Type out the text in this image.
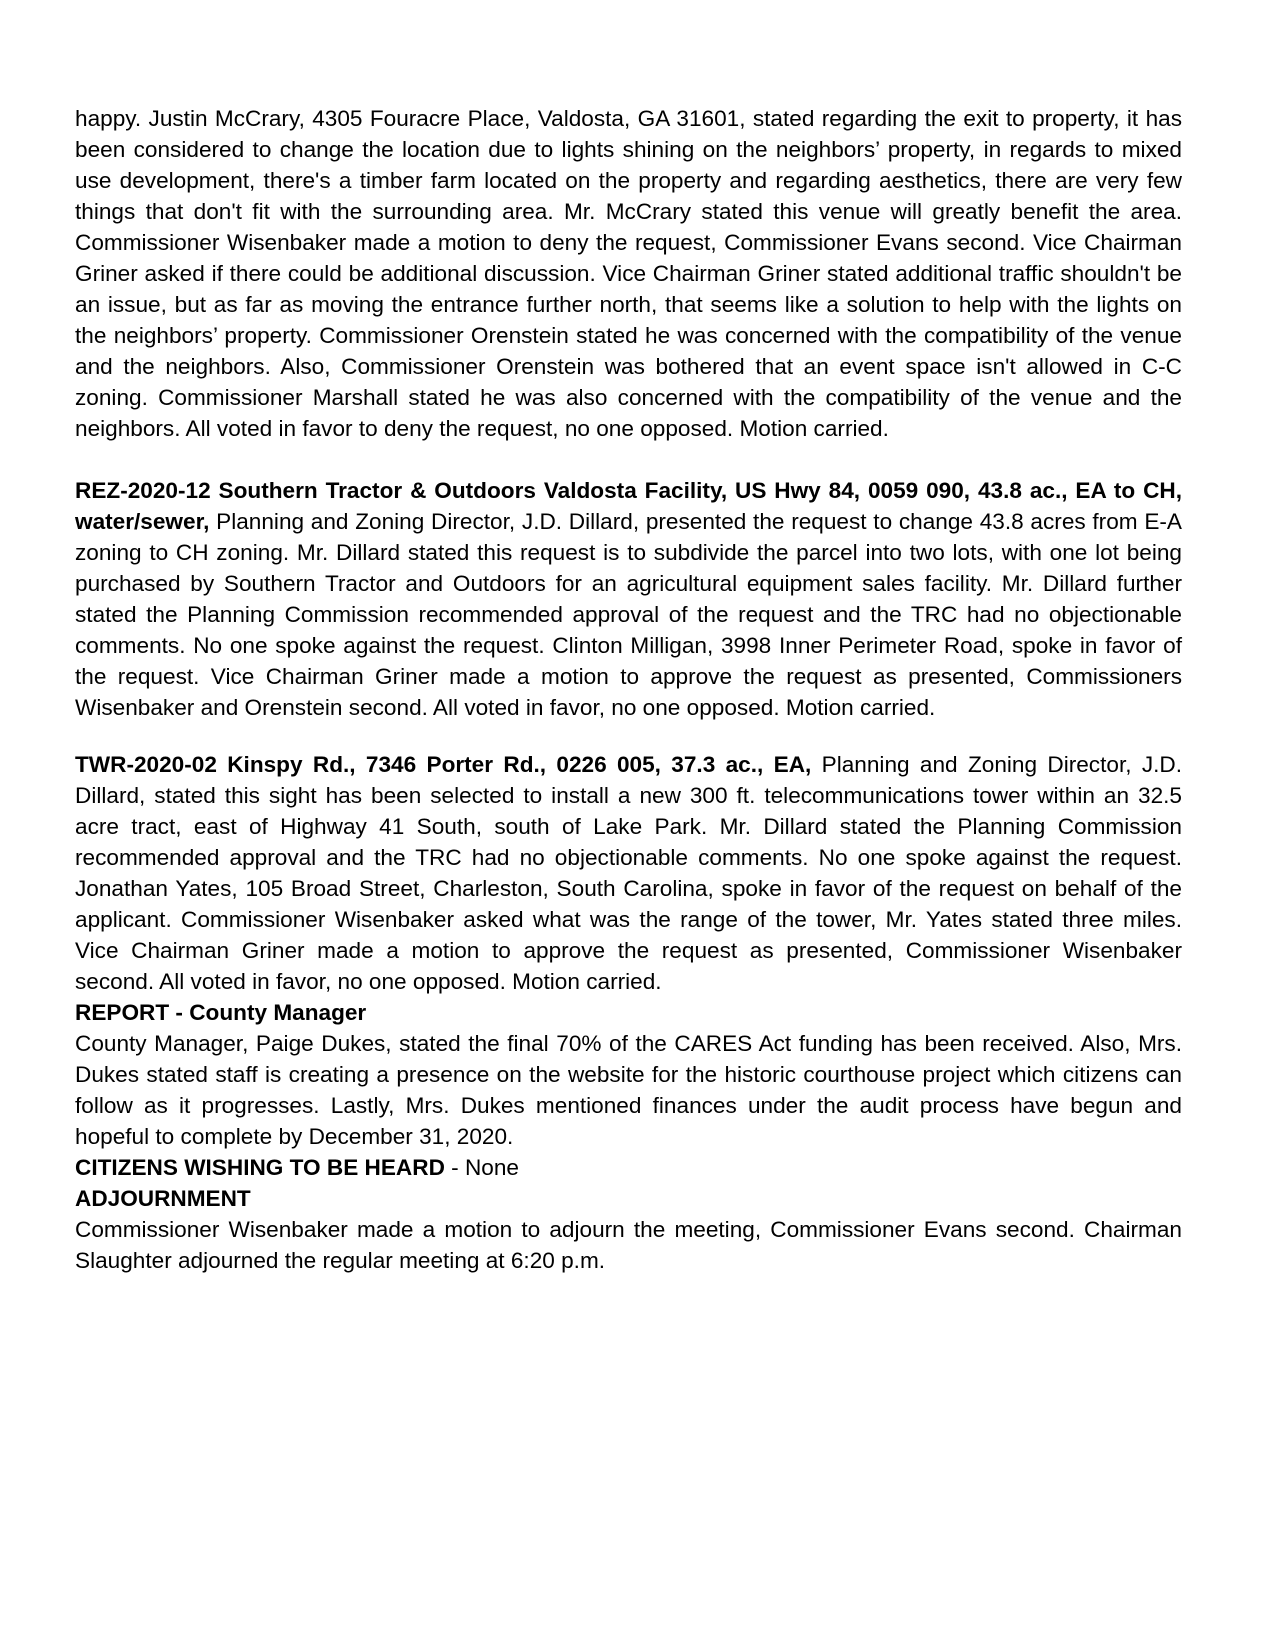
happy. Justin McCrary, 4305 Fouracre Place, Valdosta, GA 31601, stated regarding the exit to property, it has been considered to change the location due to lights shining on the neighbors’ property, in regards to mixed use development, there's a timber farm located on the property and regarding aesthetics, there are very few things that don't fit with the surrounding area. Mr. McCrary stated this venue will greatly benefit the area. Commissioner Wisenbaker made a motion to deny the request, Commissioner Evans second. Vice Chairman Griner asked if there could be additional discussion. Vice Chairman Griner stated additional traffic shouldn't be an issue, but as far as moving the entrance further north, that seems like a solution to help with the lights on the neighbors’ property. Commissioner Orenstein stated he was concerned with the compatibility of the venue and the neighbors. Also, Commissioner Orenstein was bothered that an event space isn't allowed in C-C zoning. Commissioner Marshall stated he was also concerned with the compatibility of the venue and the neighbors. All voted in favor to deny the request, no one opposed. Motion carried.

REZ-2020-12 Southern Tractor & Outdoors Valdosta Facility, US Hwy 84, 0059 090, 43.8 ac., EA to CH, water/sewer, Planning and Zoning Director, J.D. Dillard, presented the request to change 43.8 acres from E-A zoning to CH zoning. Mr. Dillard stated this request is to subdivide the parcel into two lots, with one lot being purchased by Southern Tractor and Outdoors for an agricultural equipment sales facility. Mr. Dillard further stated the Planning Commission recommended approval of the request and the TRC had no objectionable comments. No one spoke against the request. Clinton Milligan, 3998 Inner Perimeter Road, spoke in favor of the request. Vice Chairman Griner made a motion to approve the request as presented, Commissioners Wisenbaker and Orenstein second. All voted in favor, no one opposed. Motion carried.

TWR-2020-02 Kinspy Rd., 7346 Porter Rd., 0226 005, 37.3 ac., EA, Planning and Zoning Director, J.D. Dillard, stated this sight has been selected to install a new 300 ft. telecommunications tower within an 32.5 acre tract, east of Highway 41 South, south of Lake Park. Mr. Dillard stated the Planning Commission recommended approval and the TRC had no objectionable comments. No one spoke against the request. Jonathan Yates, 105 Broad Street, Charleston, South Carolina, spoke in favor of the request on behalf of the applicant. Commissioner Wisenbaker asked what was the range of the tower, Mr. Yates stated three miles. Vice Chairman Griner made a motion to approve the request as presented, Commissioner Wisenbaker second. All voted in favor, no one opposed. Motion carried.

REPORT - County Manager

County Manager, Paige Dukes, stated the final 70% of the CARES Act funding has been received. Also, Mrs. Dukes stated staff is creating a presence on the website for the historic courthouse project which citizens can follow as it progresses. Lastly, Mrs. Dukes mentioned finances under the audit process have begun and hopeful to complete by December 31, 2020.

CITIZENS WISHING TO BE HEARD - None

ADJOURNMENT

Commissioner Wisenbaker made a motion to adjourn the meeting, Commissioner Evans second. Chairman Slaughter adjourned the regular meeting at 6:20 p.m.
